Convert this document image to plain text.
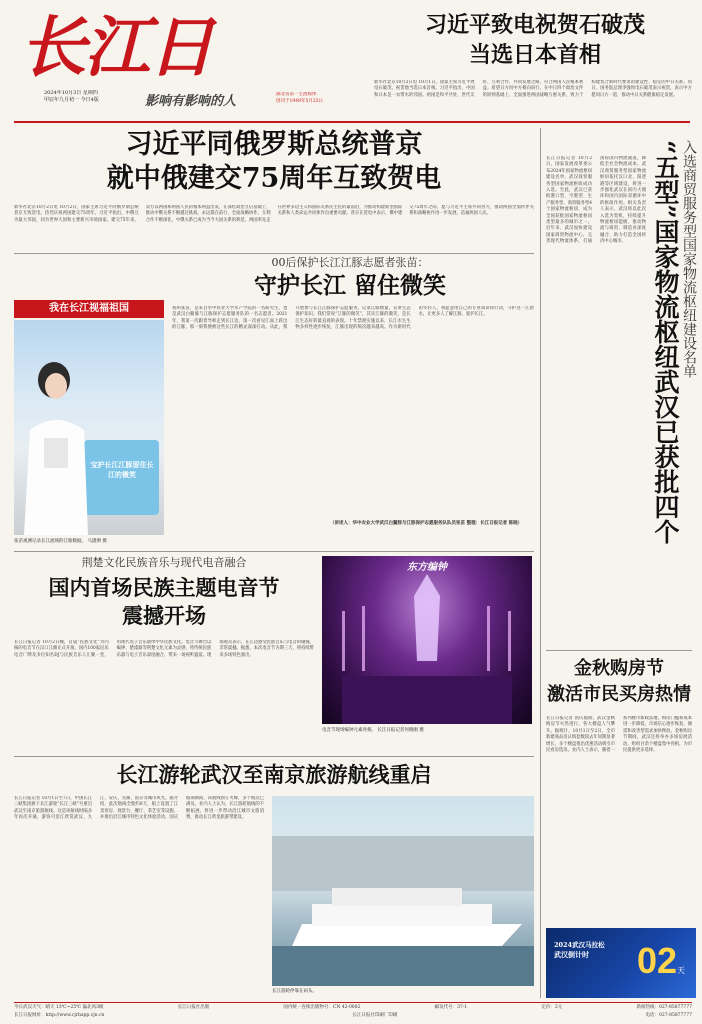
长江日
2024年10月3日 星期四
甲辰年九月初一 今日4版	影响有影响的人	湖北省第一主流媒体
创刊于1949年5月23日
习近平致电祝贺石破茂
当选日本首相
新华社北京10月2日电 10月1日，国家主席习近平致电石破茂，祝贺他当选日本首相。习近平指出，中国和日本是一衣带水的邻国。两国是和平共处、世代友好、互利合作、共同发展之路，符合两国人民根本利益。希望日方同中方相向而行，在中日四个政治文件的原则基础上，全面推进两国战略互惠关系，致力于构建契合新时代要求的建设性、稳定的中日关系。同日，国务院总理李强致电石破茂表示祝贺，表示中方愿同日方一道，推动中日关系健康稳定发展。
习近平同俄罗斯总统普京
就中俄建交75周年互致贺电
新华社北京10月2日电 10月2日，国家主席习近平同俄罗斯总统普京互致贺电，热烈庆祝两国建交75周年。习近平指出，中俄互为最大邻国，同为世界大国和主要新兴市场国家。建交75年来，双方以两国和两国人民的根本利益出发，在深化政治互信基础上，推动中俄关系不断越过挑战，永远都在前行，全面战略协作，互利合作不断深化，中俄关系已成为当今大国关系的典范。两国率先走在世界多边主义和国际关系民主化的最前沿，为推动构建新型国际关系和人类命运共同体作出重要贡献。普京在贺电中表示，俄中建交75周年之际，愿与习近平主席共同努力，推动两国全面伙伴关系和战略协作进一步发展，造福两国人民。
00后保护长江江豚志愿者张苗：
守护长江 留住微笑
我在长江视福祖国
宝护长江江豚留住长江的微笑
张苗观测记录长江流域的江豚数据。 马潇洒 摄
我叫张苗，是来自华中农业大学水产学院的一名研究生，也是武汉白鱀豚与江豚保护志愿服务队的一名志愿者。2021年，我第一次跟着导师走到长江边，第一次看见江面上跃出的江豚，那一刻我便被这些长江的精灵深深打动。从此，我开始参与长江江豚保护志愿服务，记录江豚数量，宣讲生态保护知识。我们常说“江豚的微笑”，其实江豚的微笑，是长江生态好转最直观的表现。十年禁渔实施以来，长江水生生物多样性逐步恢复，江豚出现的频次越来越高。作为新时代的年轻人，我愿意用自己的专业知识和行动，守护这一江碧水，让更多人了解江豚、爱护长江。
（讲述人：华中农业大学武汉白鱀豚与江豚保护志愿服务队队员张苗 整理：长江日报记者 陈晓）
荆楚文化民族音乐与现代电音融合
国内首场民族主题电音节
震撼开场
长江日报记者 10月2日晚，首届“民族文化”为内核的电音节在汉口江滩正式开演，国内100家民乐电音厂牌及多位知名DJ与民族音乐人汇聚一堂，用现代电子音乐演绎中华民族文化。电音节舞台以编钟、楚漆器等荆楚文化元素为灵感，将传统民族乐器与电子音乐深度融合，带来一场视听盛宴。现场观众表示，在江边感受民族音乐与电音的碰撞，非常震撼。据悉，本次电音节为期三天，将持续带来多场特色演出。
东方编钟
电音节现场编钟元素亮相。 长江日报记者何晓刚 摄
长江游轮武汉至南京旅游航线重启
长江日报记者 10月1日至7日，中国长江三峡集团旗下长江游轮“长江三峡”号重启武汉至南京旅游航线。这是该航线时隔多年再次开通，游客可沿江欣赏武汉、九江、安庆、芜湖、南京等城市风光。据介绍，此次航线全程约8天，船上设置了江景客房、观景台、餐厅、茶艺室等设施，并推出沿江城市特色文化体验活动。国庆假期期间，该航线预订火爆，多个航次已满员。业内人士认为，长江游轮航线的不断拓展，将进一步带动沿江城市文旅消费，推动长江黄金旅游带建设。
长江游轮停靠在码头。
长江日报记者 10月2日，国家发展改革委公布2024年国家物流枢纽建设名单，武汉商贸服务型国家物流枢纽成功入选。至此，武汉已获批港口型、空港型、生产服务型、商贸服务型4个国家物流枢纽，成为全国获批国家物流枢纽类型最多的城市之一。近年来，武汉加快建设国家商贸物流中心，完善现代物流体系，打通国际国内物流通道，降低全社会物流成本。武汉商贸服务型国家物流枢纽依托汉口北、阳逻港等区域建设，将进一步强化武汉在国内大循环和国内国际双循环中的枢纽作用。相关负责人表示，武汉将以此次入选为契机，持续提升物流枢纽能级，推动物流与商贸、制造业深度融合，助力打造全国经济中心城市。	入选商贸服务型国家物流枢纽建设名单
“五型”国家物流枢纽武汉已获批四个
金秋购房节
激活市民买房热情
长江日报记者 国庆假期，武汉金秋购房节火热进行，各大楼盘人气攀升。据统计，10月1日至2日，全市新建商品房认购套数较去年同期显著增长，多个楼盘推出优惠活动吸引市民看房选房。业内人士表示，随着一系列楼市新政落地，购房门槛和成本进一步降低，市场信心逐步恢复，刚需和改善型需求加快释放。金秋购房节期间，武汉还将举办多场房展活动，组织百余个楼盘集中亮相，为市民提供更多选择。
2024武汉马拉松
武汉倒计时	02天
今日武汉天气：晴天 13℃~25℃ 偏北风3级	长江日报社出版	国内统一连续出版物号：CN 42-0002	邮发代号：37-1	定价：2元	新闻热线：027-85877777
长江日报网址：http://www.cjrbapp.cjn.cn	长江日报社印刷厂印刷	电话：027-85877777
